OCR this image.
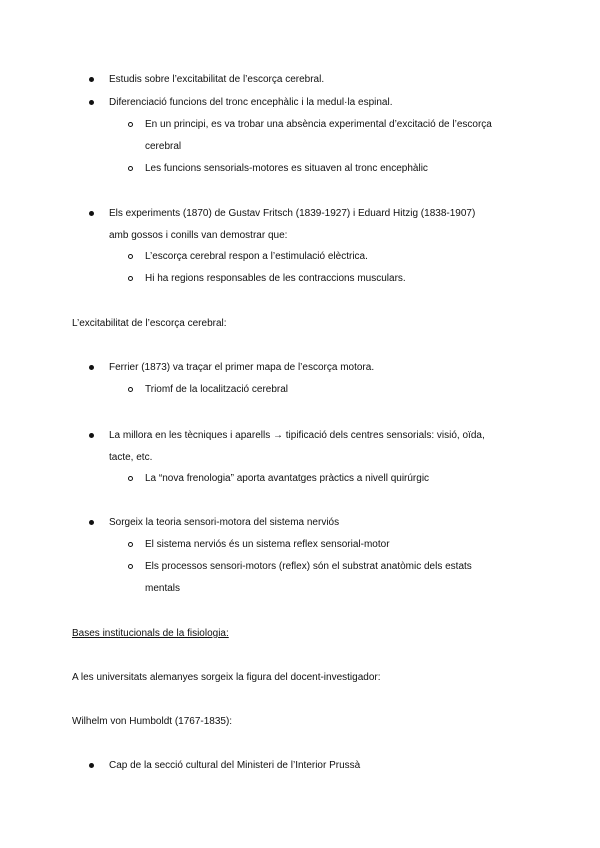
Estudis sobre l’excitabilitat de l’escorça cerebral.
Diferenciació funcions del tronc encephàlic i la medul·la espinal.
En un principi, es va trobar una absència experimental d’excitació de l’escorça
cerebral
Les funcions sensorials-motores es situaven al tronc encephàlic
Els experiments (1870) de Gustav Fritsch (1839-1927) i Eduard Hitzig (1838-1907)
amb gossos i conills van demostrar que:
L’escorça cerebral respon a l’estimulació elèctrica.
Hi ha regions responsables de les contraccions musculars.
L’excitabilitat de l’escorça cerebral:
Ferrier (1873) va traçar el primer mapa de l’escorça motora.
Triomf de la localització cerebral
La millora en les tècniques i aparells → tipificació dels centres sensorials: visió, oïda,
tacte, etc.
La “nova frenologia” aporta avantatges pràctics a nivell quirúrgic
Sorgeix la teoria sensori-motora del sistema nerviós
El sistema nerviós és un sistema reflex sensorial-motor
Els processos sensori-motors (reflex) són el substrat anatòmic dels estats
mentals
Bases institucionals de la fisiologia:
A les universitats alemanyes sorgeix la figura del docent-investigador:
Wilhelm von Humboldt (1767-1835):
Cap de la secció cultural del Ministeri de l’Interior Prussà
